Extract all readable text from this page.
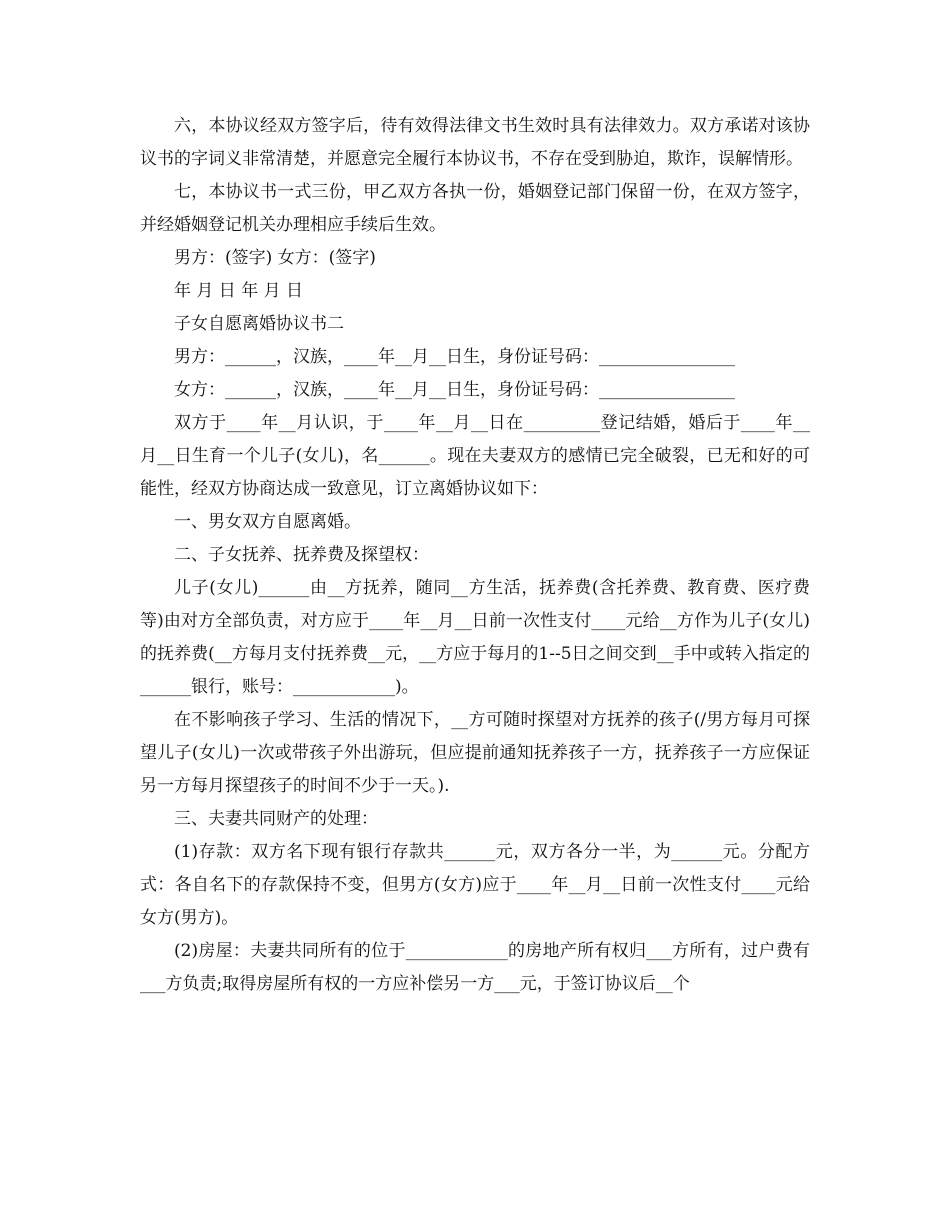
六，本协议经双方签字后，待有效得法律文书生效时具有法律效力。双方承诺对该协议书的字词义非常清楚，并愿意完全履行本协议书，不存在受到胁迫，欺诈，误解情形。

七，本协议书一式三份，甲乙双方各执一份，婚姻登记部门保留一份，在双方签字，并经婚姻登记机关办理相应手续后生效。

男方：(签字) 女方：(签字)

年 月 日 年 月 日

子女自愿离婚协议书二

男方：______，汉族，____年__月__日生，身份证号码：________________

女方：______，汉族，____年__月__日生，身份证号码：________________

双方于____年__月认识，于____年__月__日在_________登记结婚，婚后于____年__月__日生育一个儿子(女儿)，名______。现在夫妻双方的感情已完全破裂，已无和好的可能性，经双方协商达成一致意见，订立离婚协议如下：

一、男女双方自愿离婚。

二、子女抚养、抚养费及探望权：

儿子(女儿)______由__方抚养，随同__方生活，抚养费(含托养费、教育费、医疗费等)由对方全部负责，对方应于____年__月__日前一次性支付____元给__方作为儿子(女儿)的抚养费(__方每月支付抚养费__元，__方应于每月的1--5日之间交到__手中或转入指定的______银行，账号：____________)。

在不影响孩子学习、生活的情况下，__方可随时探望对方抚养的孩子(/男方每月可探望儿子(女儿)一次或带孩子外出游玩，但应提前通知抚养孩子一方，抚养孩子一方应保证另一方每月探望孩子的时间不少于一天。).

三、夫妻共同财产的处理：

(1)存款：双方名下现有银行存款共______元，双方各分一半，为______元。分配方式：各自名下的存款保持不变，但男方(女方)应于____年__月__日前一次性支付____元给女方(男方)。

(2)房屋：夫妻共同所有的位于____________的房地产所有权归___方所有，过户费有___方负责;取得房屋所有权的一方应补偿另一方___元，于签订协议后__个
